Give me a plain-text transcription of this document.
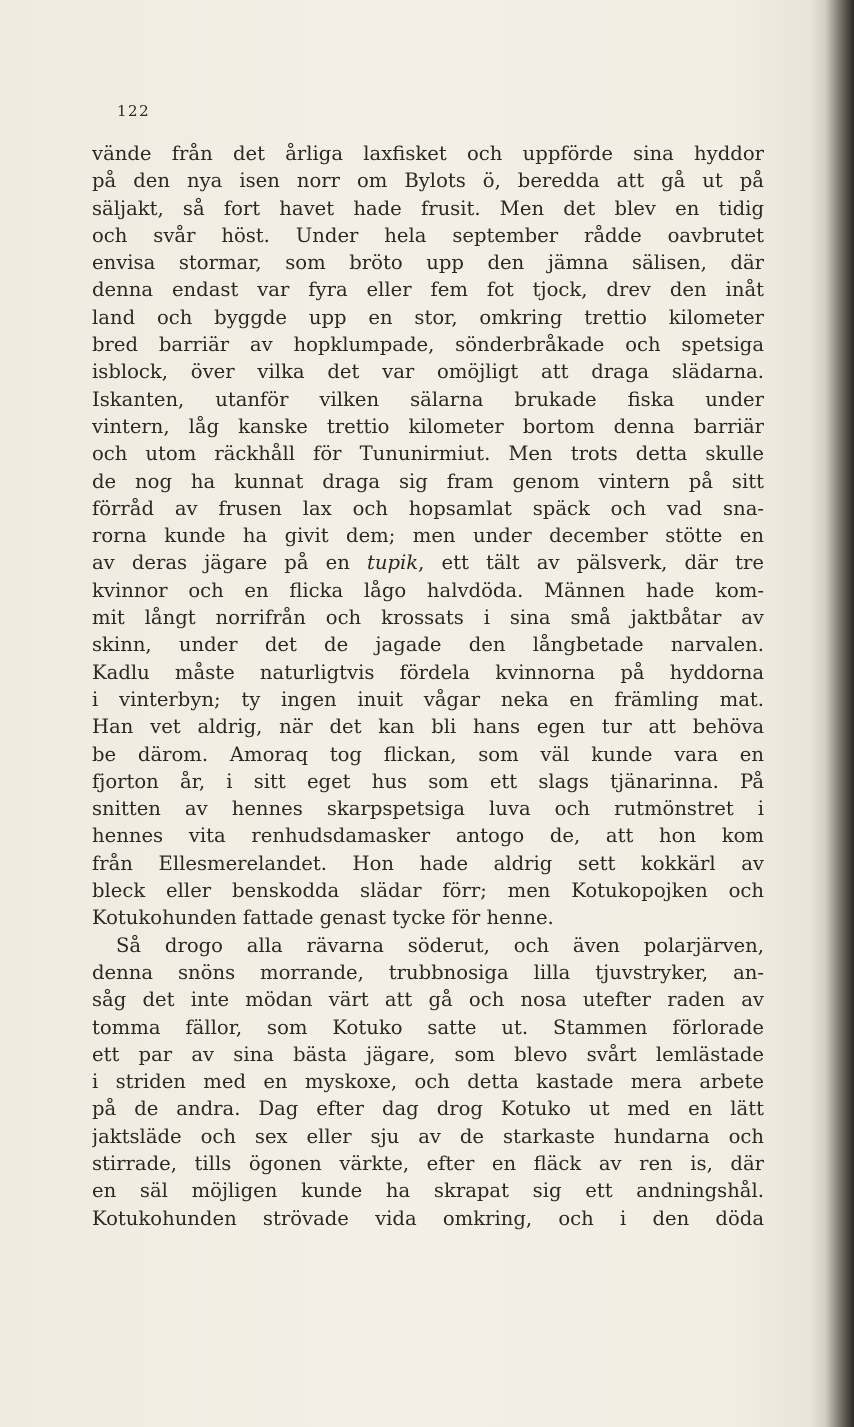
122
vände från det årliga laxfisket och uppförde sina hyddor
på den nya isen norr om Bylots ö, beredda att gå ut på
säljakt, så fort havet hade frusit. Men det blev en tidig
och svår höst. Under hela september rådde oavbrutet
envisa stormar, som bröto upp den jämna sälisen, där
denna endast var fyra eller fem fot tjock, drev den inåt
land och byggde upp en stor, omkring trettio kilometer
bred barriär av hopklumpade, sönderbråkade och spetsiga
isblock, över vilka det var omöjligt att draga slädarna.
Iskanten, utanför vilken sälarna brukade fiska under
vintern, låg kanske trettio kilometer bortom denna barriär
och utom räckhåll för Tununirmiut. Men trots detta skulle
de nog ha kunnat draga sig fram genom vintern på sitt
förråd av frusen lax och hopsamlat späck och vad sna-
rorna kunde ha givit dem; men under december stötte en
av deras jägare på en tupik, ett tält av pälsverk, där tre
kvinnor och en flicka lågo halvdöda. Männen hade kom-
mit långt norrifrån och krossats i sina små jaktbåtar av
skinn, under det de jagade den långbetade narvalen.
Kadlu måste naturligtvis fördela kvinnorna på hyddorna
i vinterbyn; ty ingen inuit vågar neka en främling mat.
Han vet aldrig, när det kan bli hans egen tur att behöva
be därom. Amoraq tog flickan, som väl kunde vara en
fjorton år, i sitt eget hus som ett slags tjänarinna. På
snitten av hennes skarpspetsiga luva och rutmönstret i
hennes vita renhudsdamasker antogo de, att hon kom
från Ellesmerelandet. Hon hade aldrig sett kokkärl av
bleck eller benskodda slädar förr; men Kotukopojken och
Kotukohunden fattade genast tycke för henne.
Så drogo alla rävarna söderut, och även polarjärven,
denna snöns morrande, trubbnosiga lilla tjuvstryker, an-
såg det inte mödan värt att gå och nosa utefter raden av
tomma fällor, som Kotuko satte ut. Stammen förlorade
ett par av sina bästa jägare, som blevo svårt lemlästade
i striden med en myskoxe, och detta kastade mera arbete
på de andra. Dag efter dag drog Kotuko ut med en lätt
jaktsläde och sex eller sju av de starkaste hundarna och
stirrade, tills ögonen värkte, efter en fläck av ren is, där
en säl möjligen kunde ha skrapat sig ett andningshål.
Kotukohunden strövade vida omkring, och i den döda
